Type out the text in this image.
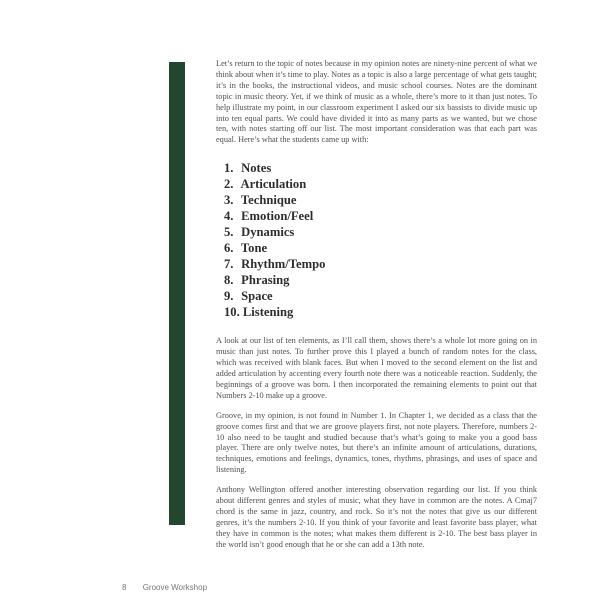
Let’s return to the topic of notes because in my opinion notes are ninety-nine percent of what we think about when it’s time to play. Notes as a topic is also a large percentage of what gets taught; it’s in the books, the instructional videos, and music school courses. Notes are the dominant topic in music theory. Yet, if we think of music as a whole, there’s more to it than just notes. To help illustrate my point, in our classroom experiment I asked our six bassists to divide music up into ten equal parts. We could have divided it into as many parts as we wanted, but we chose ten, with notes starting off our list. The most important consideration was that each part was equal. Here’s what the students came up with:

1. Notes
2. Articulation
3. Technique
4. Emotion/Feel
5. Dynamics
6. Tone
7. Rhythm/Tempo
8. Phrasing
9. Space
10. Listening

A look at our list of ten elements, as I’ll call them, shows there’s a whole lot more going on in music than just notes. To further prove this I played a bunch of random notes for the class, which was received with blank faces. But when I moved to the second element on the list and added articulation by accenting every fourth note there was a noticeable reaction. Suddenly, the beginnings of a groove was born. I then incorporated the remaining elements to point out that Numbers 2-10 make up a groove.

Groove, in my opinion, is not found in Number 1. In Chapter 1, we decided as a class that the groove comes first and that we are groove players first, not note players. Therefore, numbers 2-10 also need to be taught and studied because that’s what’s going to make you a good bass player. There are only twelve notes, but there’s an infinite amount of articulations, durations, techniques, emotions and feelings, dynamics, tones, rhythms, phrasings, and uses of space and listening.

Anthony Wellington offered another interesting observation regarding our list. If you think about different genres and styles of music, what they have in common are the notes. A Cmaj7 chord is the same in jazz, country, and rock. So it’s not the notes that give us our different genres, it’s the numbers 2-10. If you think of your favorite and least favorite bass player, what they have in common is the notes; what makes them different is 2-10. The best bass player in the world isn’t good enough that he or she can add a 13th note.

8 Groove Workshop
